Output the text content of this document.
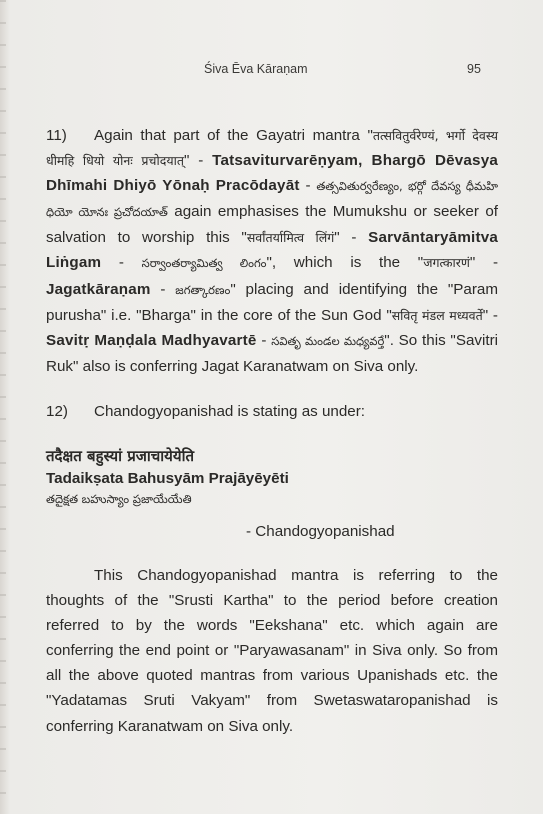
Śiva Ēva Kāraṇam	95
11) Again that part of the Gayatri mantra "तत्सवितुर्वरेण्यं, भर्गो देवस्य धीमहि धियो योनः प्रचोदयात्" - Tatsaviturvarēṇyam, Bhargō Dēvasya Dhīmahi Dhiyō Yōnaḥ Pracōdayāt - తత్సవితుర్వరేణ్యం, భర్గో దేవస్య ధీమహి ధియో యోనః ప్రచోదయాత్ again emphasises the Mumukshu or seeker of salvation to worship this "सर्वांतर्यामित्व लिंगं" - Sarvāntaryāmitva Liṅgam - సర్వాంతర్యామిత్వ లింగం", which is the "जगत्कारणं" - Jagatkāraṇam - జగత్కారణం" placing and identifying the "Param purusha" i.e. "Bharga" in the core of the Sun God "सवितृ मंडल मध्यवर्ते" - Savitṛ Maṇḍala Madhyavartē - సవితృ మండల మధ్యవర్తే". So this "Savitri Ruk" also is conferring Jagat Karanatwam on Siva only.
12) Chandogyopanishad is stating as under:
तदैक्षत बहुस्यां प्रजाचायेयेति
Tadaikṣata Bahusyām Prajāyēyēti
తదైక్షత బహుస్యాం ప్రజాయేయేతి
- Chandogyopanishad
This Chandogyopanishad mantra is referring to the thoughts of the "Srusti Kartha" to the period before creation referred to by the words "Eekshana" etc. which again are conferring the end point or "Paryawasanam" in Siva only. So from all the above quoted mantras from various Upanishads etc. the "Yadatamas Sruti Vakyam" from Swetaswataropanishad is conferring Karanatwam on Siva only.
